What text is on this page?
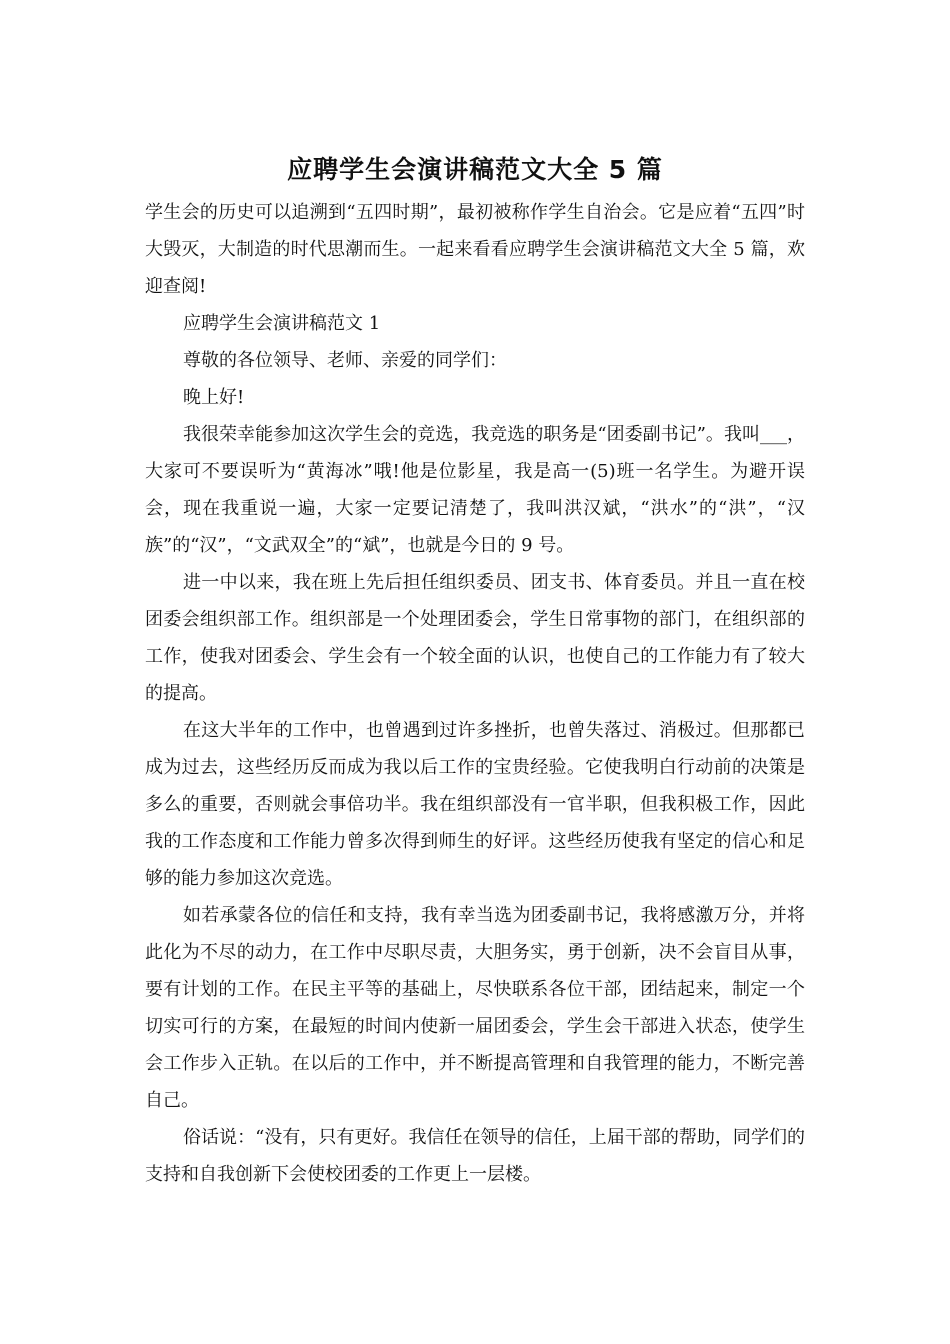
应聘学生会演讲稿范文大全 5 篇

学生会的历史可以追溯到“五四时期”，最初被称作学生自治会。它是应着“五四”时大毁灭，大制造的时代思潮而生。一起来看看应聘学生会演讲稿范文大全 5 篇，欢迎查阅!

应聘学生会演讲稿范文 1

尊敬的各位领导、老师、亲爱的同学们：

晚上好!

我很荣幸能参加这次学生会的竞选，我竞选的职务是“团委副书记”。我叫___，大家可不要误听为“黄海冰”哦!他是位影星，我是高一(5)班一名学生。为避开误会，现在我重说一遍，大家一定要记清楚了，我叫洪汉斌，“洪水”的“洪”，“汉族”的“汉”，“文武双全”的“斌”，也就是今日的 9 号。

进一中以来，我在班上先后担任组织委员、团支书、体育委员。并且一直在校团委会组织部工作。组织部是一个处理团委会，学生日常事物的部门，在组织部的工作，使我对团委会、学生会有一个较全面的认识，也使自己的工作能力有了较大的提高。

在这大半年的工作中，也曾遇到过许多挫折，也曾失落过、消极过。但那都已成为过去，这些经历反而成为我以后工作的宝贵经验。它使我明白行动前的决策是多么的重要，否则就会事倍功半。我在组织部没有一官半职，但我积极工作，因此我的工作态度和工作能力曾多次得到师生的好评。这些经历使我有坚定的信心和足够的能力参加这次竞选。

如若承蒙各位的信任和支持，我有幸当选为团委副书记，我将感激万分，并将此化为不尽的动力，在工作中尽职尽责，大胆务实，勇于创新，决不会盲目从事，要有计划的工作。在民主平等的基础上，尽快联系各位干部，团结起来，制定一个切实可行的方案，在最短的时间内使新一届团委会，学生会干部进入状态，使学生会工作步入正轨。在以后的工作中，并不断提高管理和自我管理的能力，不断完善自己。

俗话说：“没有，只有更好。我信任在领导的信任，上届干部的帮助，同学们的支持和自我创新下会使校团委的工作更上一层楼。
